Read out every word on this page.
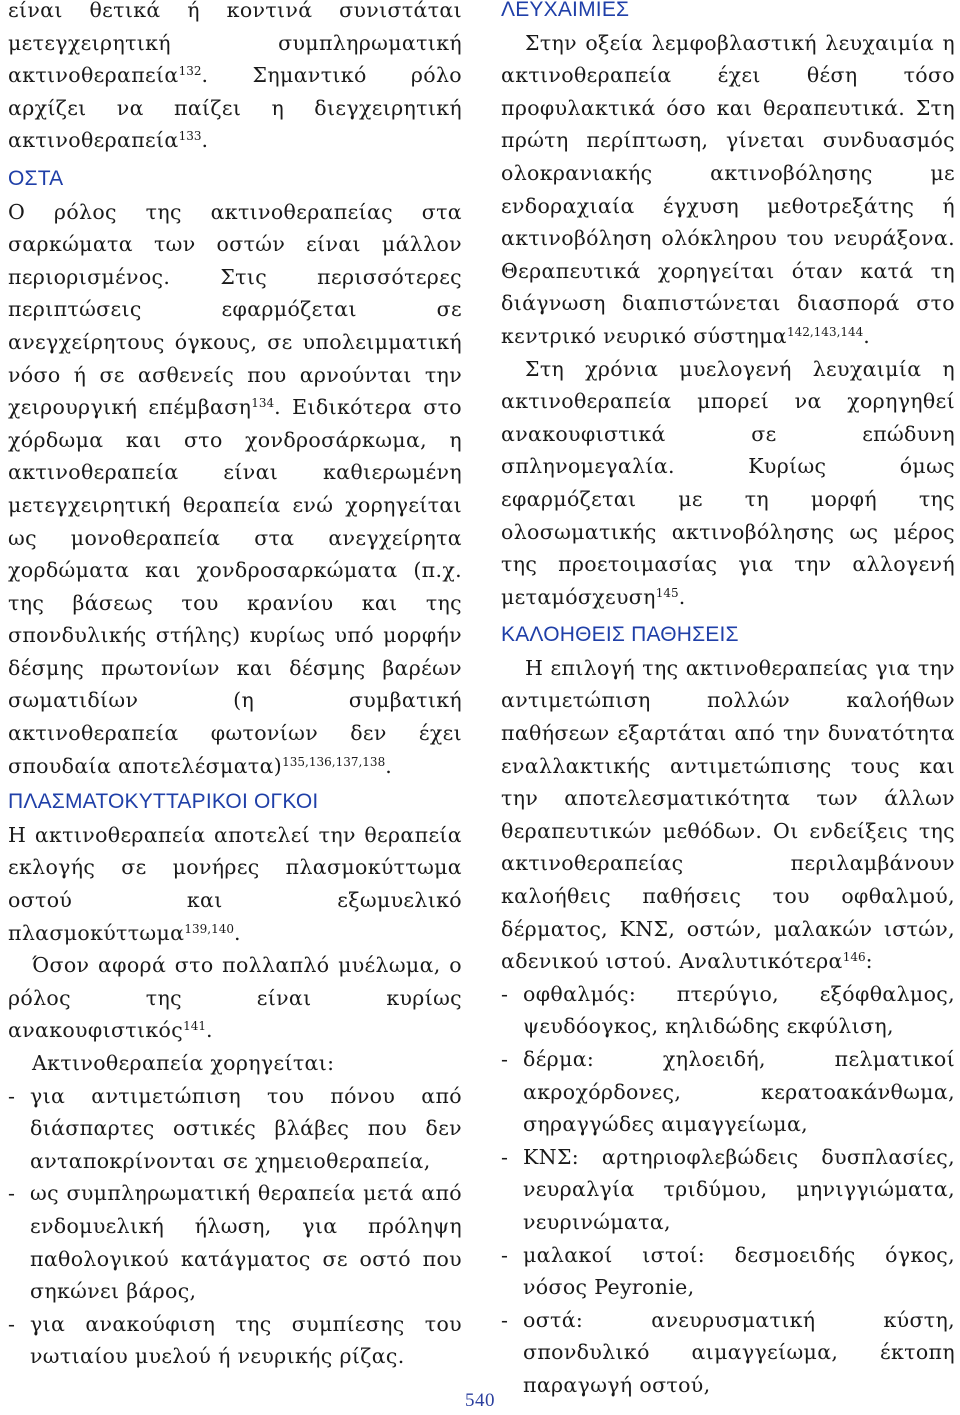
είναι θετικά ή κοντινά συνιστάται μετεγχειρητική συμπληρωματική ακτινοθεραπεία$^{132}$. Σημαντικό ρόλο αρχίζει να παίζει η διεγχειρητική ακτινοθεραπεία$^{133}$.

ΟΣΤΑ

Ο ρόλος της ακτινοθεραπείας στα σαρκώματα των οστών είναι μάλλον περιορισμένος. Στις περισσότερες περιπτώσεις εφαρμόζεται σε ανεγχείρητους όγκους, σε υπολειμματική νόσο ή σε ασθενείς που αρνούνται την χειρουργική επέμβαση$^{134}$. Ειδικότερα στο χόρδωμα και στο χονδροσάρκωμα, η ακτινοθεραπεία είναι καθιερωμένη μετεγχειρητική θεραπεία ενώ χορηγείται ως μονοθεραπεία στα ανεγχείρητα χορδώματα και χονδροσαρκώματα (π.χ. της βάσεως του κρανίου και της σπονδυλικής στήλης) κυρίως υπό μορφήν δέσμης πρωτονίων και δέσμης βαρέων σωματιδίων (η συμβατική ακτινοθεραπεία φωτονίων δεν έχει σπουδαία αποτελέσματα)$^{135,136,137,138}$.

ΠΛΑΣΜΑΤΟΚΥΤΤΑΡΙΚΟΙ ΟΓΚΟΙ

Η ακτινοθεραπεία αποτελεί την θεραπεία εκλογής σε μονήρες πλασμοκύττωμα οστού και εξωμυελικό πλασμοκύττωμα$^{139,140}$.

Όσον αφορά στο πολλαπλό μυέλωμα, ο ρόλος της είναι κυρίως ανακουφιστικός$^{141}$.

Ακτινοθεραπεία χορηγείται:

- για αντιμετώπιση του πόνου από διάσπαρτες οστικές βλάβες που δεν ανταποκρίνονται σε χημειοθεραπεία,
- ως συμπληρωματική θεραπεία μετά από ενδομυελική ήλωση, για πρόληψη παθολογικού κατάγματος σε οστό που σηκώνει βάρος,
- για ανακούφιση της συμπίεσης του νωτιαίου μυελού ή νευρικής ρίζας.
ΛΕΥΧΑΙΜΙΕΣ

Στην οξεία λεμφοβλαστική λευχαιμία η ακτινοθεραπεία έχει θέση τόσο προφυλακτικά όσο και θεραπευτικά. Στη πρώτη περίπτωση, γίνεται συνδυασμός ολοκρανιακής ακτινοβόλησης με ενδοραχιαία έγχυση μεθοτρεξάτης ή ακτινοβόληση ολόκληρου του νευράξονα. Θεραπευτικά χορηγείται όταν κατά τη διάγνωση διαπιστώνεται διασπορά στο κεντρικό νευρικό σύστημα$^{142,143,144}$.

Στη χρόνια μυελογενή λευχαιμία η ακτινοθεραπεία μπορεί να χορηγηθεί ανακουφιστικά σε επώδυνη σπληνομεγαλία. Κυρίως όμως εφαρμόζεται με τη μορφή της ολοσωματικής ακτινοβόλησης ως μέρος της προετοιμασίας για την αλλογενή μεταμόσχευση$^{145}$.

ΚΑΛΟΗΘΕΙΣ ΠΑΘΗΣΕΙΣ

Η επιλογή της ακτινοθεραπείας για την αντιμετώπιση πολλών καλοήθων παθήσεων εξαρτάται από την δυνατότητα εναλλακτικής αντιμετώπισης τους και την αποτελεσματικότητα των άλλων θεραπευτικών μεθόδων. Οι ενδείξεις της ακτινοθεραπείας περιλαμβάνουν καλοήθεις παθήσεις του οφθαλμού, δέρματος, ΚΝΣ, οστών, μαλακών ιστών, αδενικού ιστού. Αναλυτικότερα$^{146}$:

- οφθαλμός: πτερύγιο, εξόφθαλμος, ψευδόογκος, κηλιδώδης εκφύλιση,
- δέρμα: χηλοειδή, πελματικοί ακροχόρδονες, κερατοακάνθωμα, σηραγγώδες αιμαγγείωμα,
- ΚΝΣ: αρτηριοφλεβώδεις δυσπλασίες, νευραλγία τριδύμου, μηνιγγιώματα, νευρινώματα,
- μαλακοί ιστοί: δεσμοειδής όγκος, νόσος Peyronie,
- οστά: ανευρυσματική κύστη, σπονδυλικό αιμαγγείωμα, έκτοπη παραγωγή οστού,
540
